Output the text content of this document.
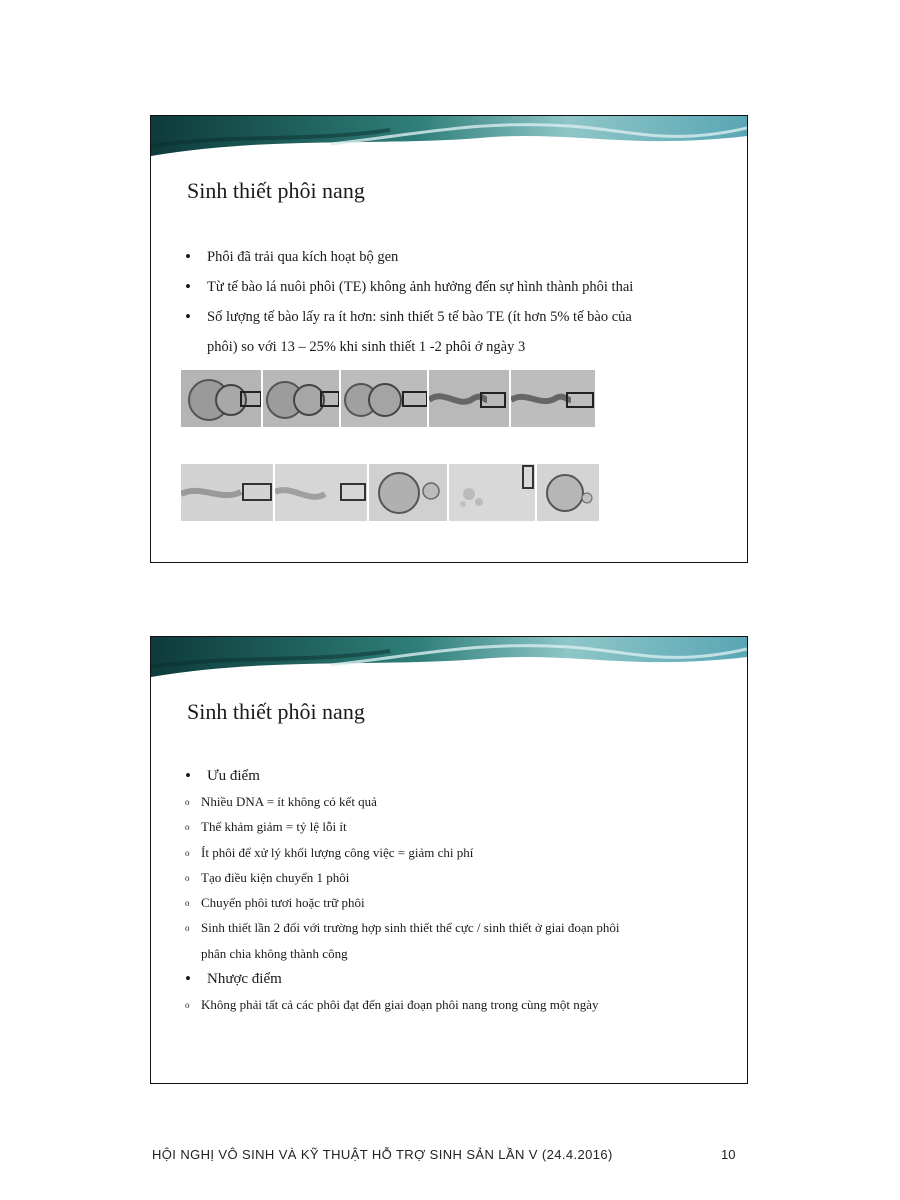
Sinh thiết phôi nang
• Phôi đã trải qua kích hoạt bộ gen
• Từ tế bào lá nuôi phôi (TE) không ảnh hưởng đến sự hình thành phôi thai
• Số lượng tế bào lấy ra ít hơn: sinh thiết 5 tế bào TE (ít hơn 5% tế bào của
phôi) so với 13 – 25% khi sinh thiết 1 -2 phôi ở ngày 3
Sinh thiết phôi nang
• Ưu điểm
o Nhiều DNA = ít không có kết quả
o Thể khảm giảm = tỷ lệ lỗi ít
o Ít phôi để xử lý khối lượng công việc = giảm chi phí
o Tạo điều kiện chuyển 1 phôi
o Chuyển phôi tươi hoặc trữ phôi
o Sinh thiết lần 2 đối với trường hợp sinh thiết thể cực / sinh thiết ở giai đoạn phôi
phân chia không thành công
• Nhược điểm
o Không phải tất cả các phôi đạt đến giai đoạn phôi nang trong cùng một ngày
HỘI NGHỊ VÔ SINH VÀ KỸ THUẬT HỖ TRỢ SINH SẢN LẦN V (24.4.2016)	10
